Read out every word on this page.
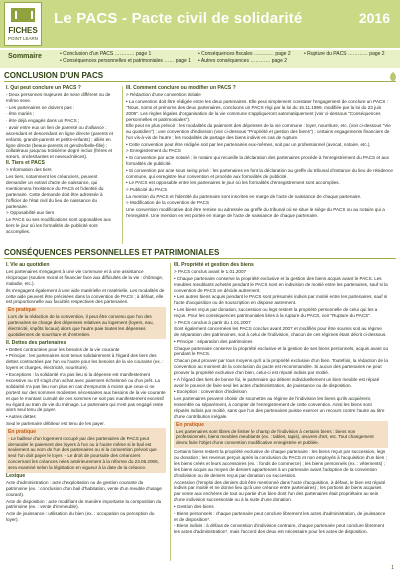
FICHES
POINT LEARN
Le PACS - Pacte civil de solidarité	2016
Sommaire	• Conclusion d'un PACS ………… page 1
• Conséquences personnelles et patrimoniales …… page 1
• Conséquences fiscales ………… page 2
• Autres conséquences ………… page 2
• Rupture du PACS ………… page 2
CONCLUSION D'UN PACS
I. Qui peut conclure un PACS ?

- Deux personnes majeures de sexe différent ou de même sexe.

- Les partenaires ne doivent pas :

· être mariés ;

· être déjà engagés dans un PACS ;

· avoir entre eux un lien de parenté ou d'alliance : ascendant et descendant en ligne directe (parents et enfants, grands-parents et petits-enfants) ; alliés en ligne directe (beaux-parents et gendre/belle-fille) ; collatéraux jusqu'au troisième degré inclus (frères et sœurs, oncles/tantes et neveux/nièces).

II. Tiers et PACS

> Information des tiers

Les tiers, notamment les créanciers, peuvent demander un extrait d'acte de naissance, qui mentionnera l'existence du PACS et l'identité du partenaire. Cette demande doit être adressée à l'officier de l'état civil du lieu de naissance du partenaire.

> Opposabilité aux tiers

Le PACS ou ses modifications sont opposables aux tiers le jour où les formalités de publicité sont accomplies.

III. Comment conclure ou modifier un PACS ?

> Rédaction d'une convention initiale

• La convention doit être rédigée entre les deux partenaires. Elle peut simplement constater l'engagement de conclure un PACS : "Nous, noms et prénoms des deux partenaires, concluons un PACS régi par la loi du 15.11.1999, modifiée par la loi du 23 juin 2006". Les règles légales d'organisation de la vie commune s'appliqueront automatiquement (voir ci-dessous "Conséquences personnelles et patrimoniales").

Elle peut en plus prévoir : les modalités du paiement des dépenses de la vie commune : loyer, nourriture, etc. (voir ci-dessous "Vie au quotidien") ; une convention d'indivision (voir ci-dessous "Propriété et gestion des biens") ; certains engagements financiers de l'un vis-à-vis de l'autre ; les modalités de partage des biens indivis en cas de rupture.

• Cette convention peut être rédigée soit par les partenaires eux-mêmes, soit par un professionnel (avocat, notaire, etc.).

> Enregistrement du PACS

• Si convention par acte notarié : le notaire qui recueille la déclaration des partenaires procède à l'enregistrement du PACS et aux formalités de publicité.

• Si convention par acte sous seing privé : les partenaires en font la déclaration au greffe du tribunal d'instance du lieu de résidence commune, qui enregistre leur convention et procède aux formalités de publicité.

• Le PACS est opposable entre les partenaires le jour où les formalités d'enregistrement sont accomplies.

> Publicité du PACS

La mention du PACS et l'identité du partenaire sont inscrites en marge de l'acte de naissance de chaque partenaire.

> Modification de la convention de PACS

Une convention modificative doit être remise ou adressée au greffe du tribunal où se situe le siège du PACS ou au notaire qui a l'enregistré. Une mention en est portée en marge de l'acte de naissance de chaque partenaire.

CONSÉQUENCES PERSONNELLES ET PATRIMONIALES
I. Vie au quotidien

Les partenaires s'engagent à une vie commune et à une assistance réciproque (soutien moral et financier face aux difficultés de la vie : chômage, maladie, etc.).

Ils s'engagent également à une aide matérielle et matérielle. Les modalités de cette aide peuvent être précisées dans la convention de PACS ; à défaut, elle est proportionnelle aux facultés respectives des partenaires.

En pratique
Lors de la rédaction de la convention, il peut être convenu que l'un des partenaires se charge des dépenses relatives au logement (loyers, eau, électricité, impôts locaux) alors que l'autre paie toutes les dépenses quotidiennes de nourriture et d'entretien.
II. Dettes des partenaires

• Dettes contractées pour les besoins de la vie courante

• Principe : les partenaires sont tenus solidairement à l'égard des tiers des dettes contractées par l'un ou l'autre pour les besoins de la vie courante (ex. : loyers et charges, électricité, nourriture).

• Exceptions : la solidarité n'a pas lieu si la dépense est manifestement excessive ou s'il s'agit d'un achat avec paiement échelonné ou d'un prêt. La solidarité n'a pas lieu non plus en cas d'emprunts à moins que ceux-ci ne portent sur des sommes modestes nécessaires aux besoins de la vie courante et que le montant cumulé de ces sommes ne soit pas manifestement excessif eu égard au train de vie du ménage. Le partenaire qui n'est pas engagé reste alors seul tenu de payer.

• Autres dettes

Seul le partenaire débiteur est tenu de les payer.

En pratique
- Le bailleur d'un logement occupé par des partenaires de PACS peut demander le paiement des loyers à l'un ou à l'autre même si le bail est seulement au nom de l'un des partenaires ou si la convention prévoit que seul l'un doit payer le loyer. - Le droit de poursuite des créanciers concernant les créances nées antérieurement à la réforme du 23.06.2006, sera examiné selon la législation en vigueur à la date de la créance.
Lexique

Acte d'administration : acte d'exploitation ou de gestion courante du patrimoine (ex. : conclusion d'un bail d'habitation, vente d'un meuble d'usage courant).

Acte de disposition : acte modifiant de manière importante la composition du patrimoine (ex. : vente d'immeuble).

Acte de jouissance : utilisation du bien (ex. : occupation ou perception du loyer).

III. Propriété et gestion des biens

> PACS conclus avant le 1.01.2007

• Chaque partenaire conserve la propriété exclusive et la gestion des biens acquis avant le PACS. Les meubles meublants achetés pendant le PACS sont en indivision de moitié entre les partenaires, sauf si la convention de PACS en décide autrement.

• Les autres biens acquis pendant le PACS sont présumés indivis par moitié entre les partenaires, sauf si l'acte d'acquisition ou de souscription en dispose autrement.

• Les biens reçus par donation, succession ou legs restent la propriété personnelle de celui qui les a reçus. Pour les conséquences patrimoniales liées à la rupture du PACS, voir "Rupture du PACS".

> PACS conclus à partir du 1.01.2007

Sont également concernées les PACS conclus avant 2007 et modifiés pour être soumis soit au régime de séparation des patrimoines, soit à celui de l'indivision, chacun de ces régimes étant décrit ci-dessous.

• Principe : séparation des patrimoines

Chaque partenaire conserve la propriété exclusive et la gestion de ses biens personnels, acquis avant ou pendant le PACS.

Chacun peut prouver par tous moyens qu'il a la propriété exclusive d'un bien. Toutefois, la rédaction de la convention au moment de la conclusion du pacte est recommandée. Si aucun des partenaires ne peut prouver la propriété exclusive d'un bien, celui-ci est réputé indivis par moitié.

• À l'égard des tiers de bonne foi, le partenaire qui détient individuellement un bien meuble est réputé avoir le pouvoir de faire seul les actes d'administration, de jouissance ou de disposition.

• Exception : convention d'indivision

Les partenaires peuvent choisir de soumettre au régime de l'indivision les biens qu'ils acquièrent, ensemble ou séparément, à compter de l'enregistrement de cette convention. Ainsi les biens sont réputés indivis par moitié, sans que l'un des partenaires puisse exercer un recours contre l'autre au titre d'une contribution inégale.

En pratique
Les partenaires sont libres de limiter le champ de l'indivision à certains biens : biens non professionnels, biens meubles meublants (ex. : tables, tapis), œuvres d'art, etc. Tout changement devra faire l'objet d'une convention modificative enregistrée et publiée.

Certains biens restent la propriété exclusive de chaque partenaire : les biens reçus par succession, legs ou donation ; les revenus perçus après la conclusion du PACS et non employés à l'acquisition d'un bien ; les biens créés et leurs accessoires (ex. : fonds de commerce) ; les biens personnels (ex. : vêtements) ; les biens acquis au moyen de deniers appartenant à un partenaire avant l'adoption de la convention d'indivision ou de deniers reçus par donation ou succession.

Accession (l'emploi des deniers doit être mentionné dans l'acte d'acquisition, à défaut, le bien est réputé indivis par moitié et ne donne lieu qu'à une créance entre partenaires) ; les portions de biens acquises par vente aux enchères de tout ou partie d'un bien dont l'un des partenaires était propriétaire au sein d'une indivision successorale ou à la suite d'une donation.

• Gestion des biens

- Biens personnels : chaque partenaire peut conclure librement les actes d'administration, de jouissance et de disposition*.

- Biens indivis : à défaut de convention d'indivision contraire, chaque partenaire peut conclure librement les actes d'administration*, mais l'accord des deux est nécessaire pour les actes de disposition.

1
